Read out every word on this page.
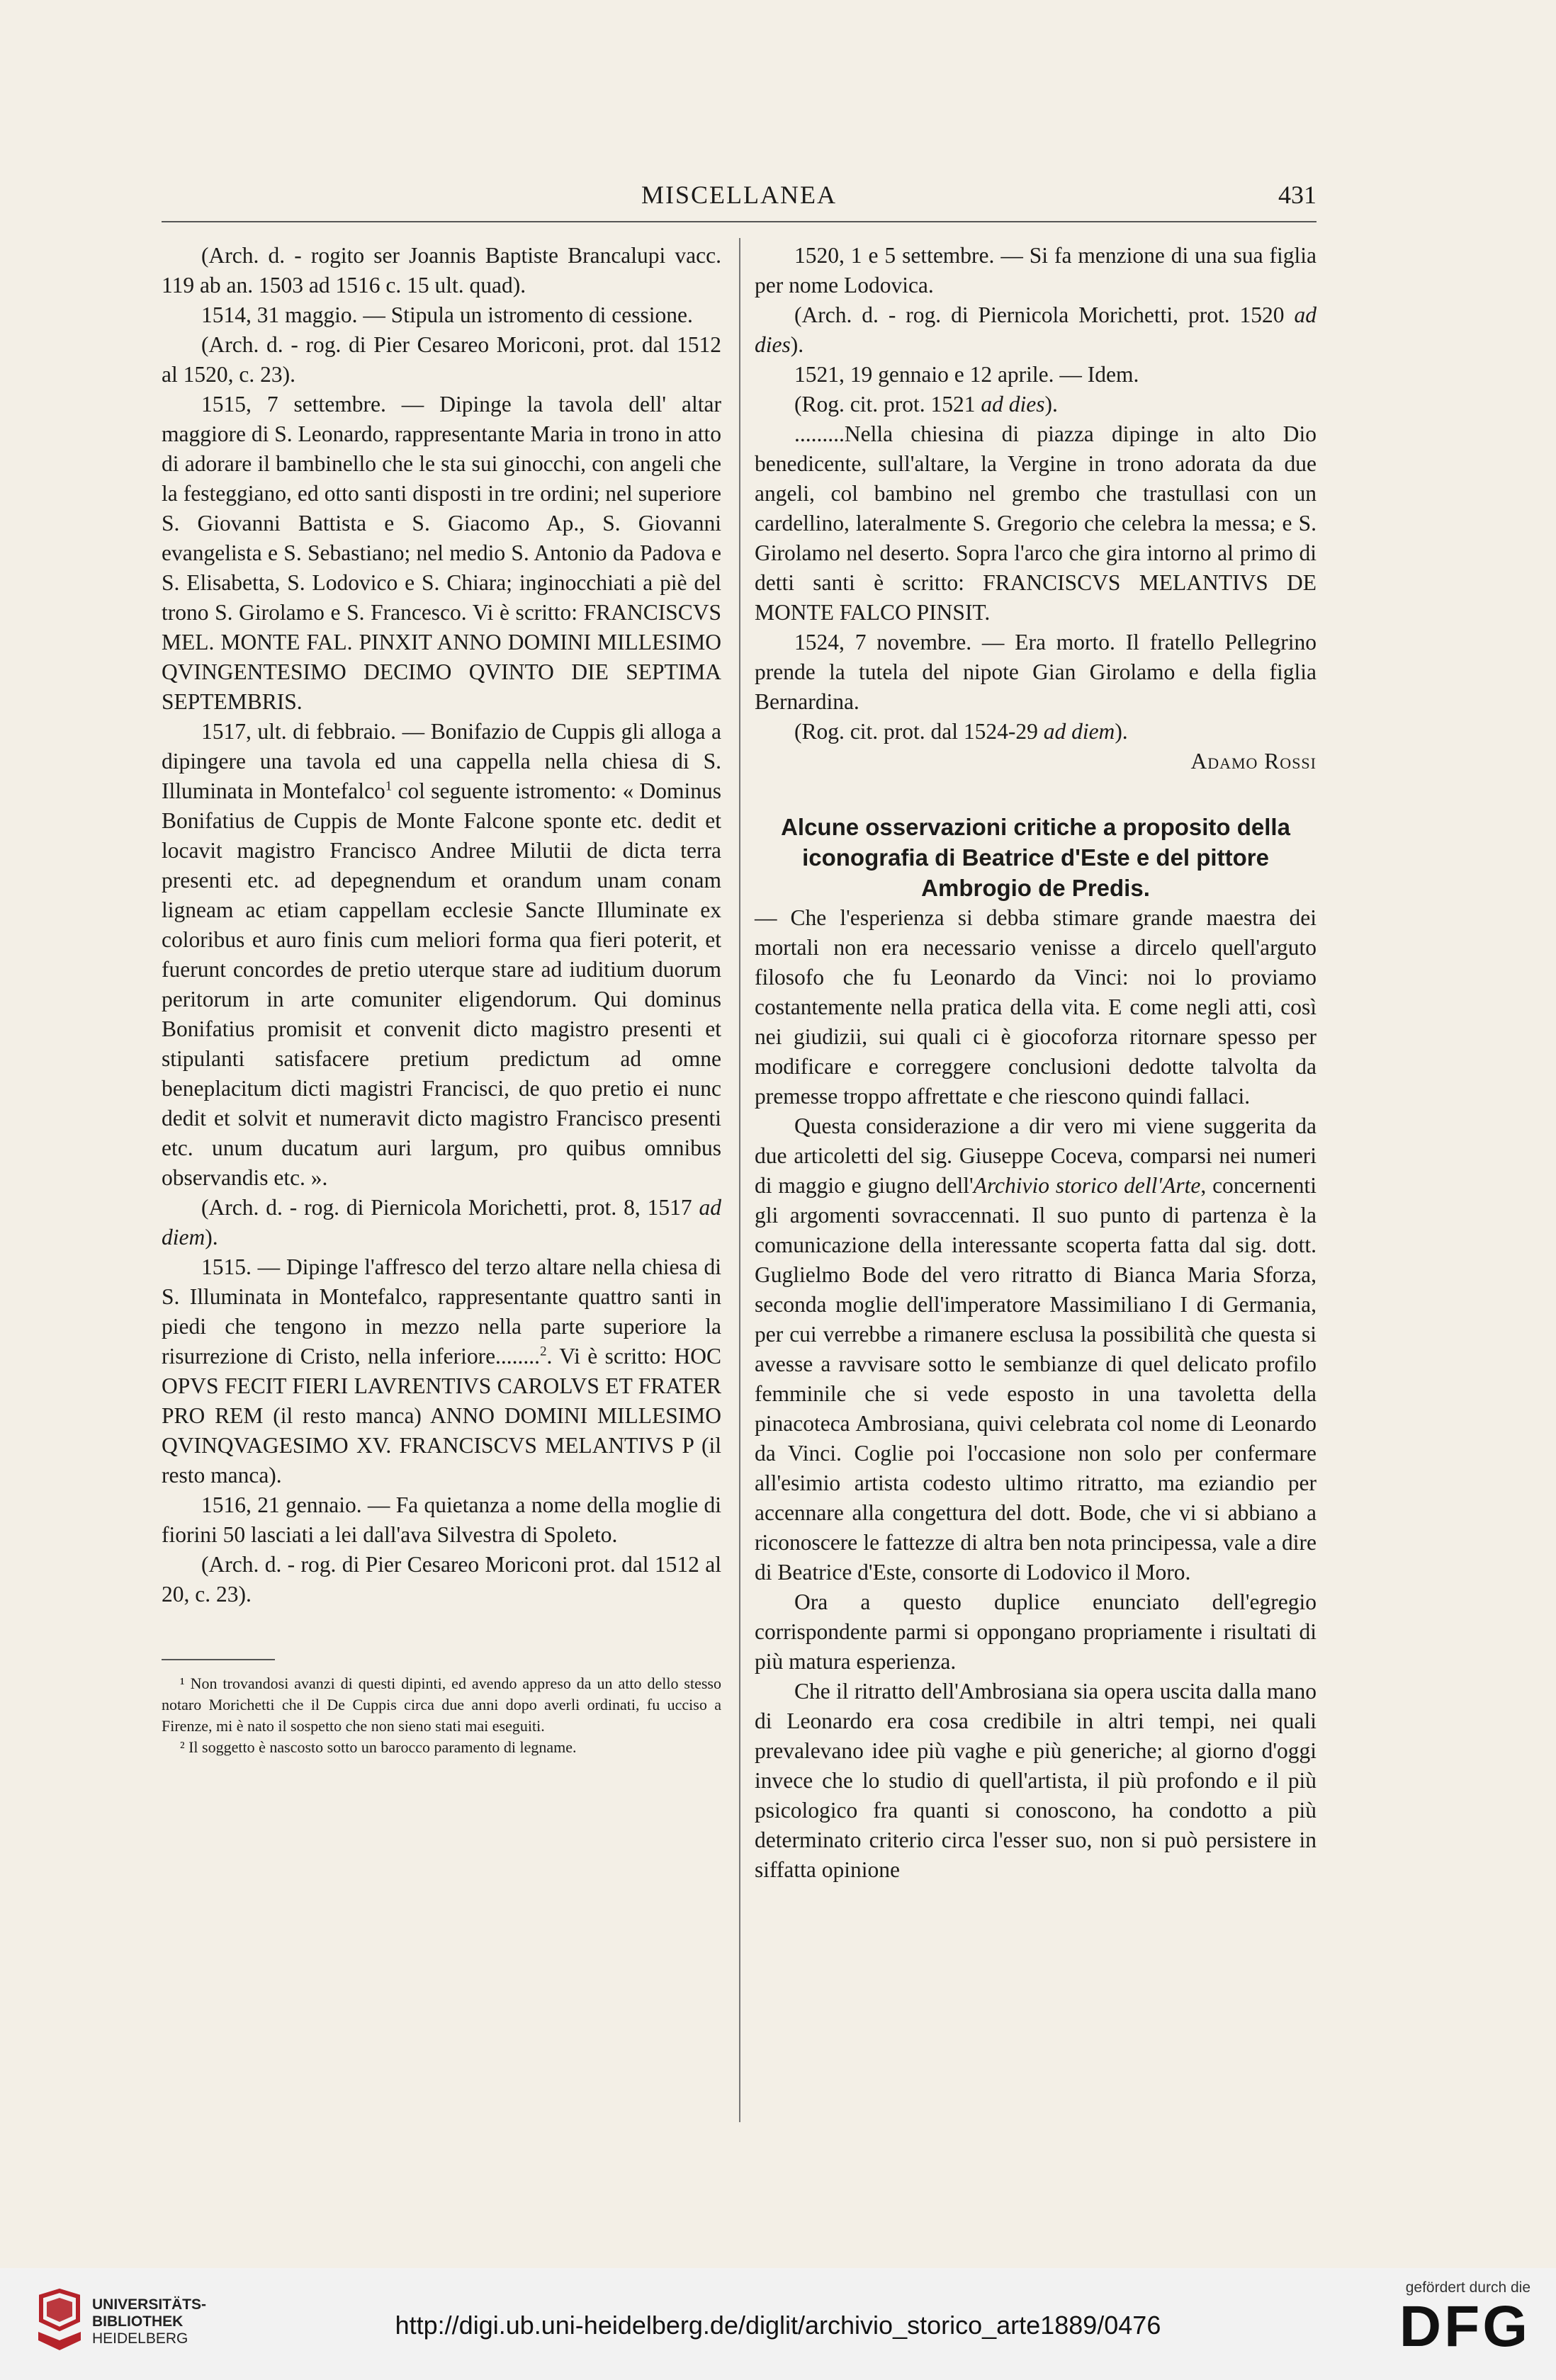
MISCELLANEA	431

(Arch. d. - rogito ser Joannis Baptiste Brancalupi vacc. 119 ab an. 1503 ad 1516 c. 15 ult. quad).

1514, 31 maggio. — Stipula un istromento di cessione.

(Arch. d. - rog. di Pier Cesareo Moriconi, prot. dal 1512 al 1520, c. 23).

1515, 7 settembre. — Dipinge la tavola dell' altar maggiore di S. Leonardo, rappresentante Maria in trono in atto di adorare il bambinello che le sta sui ginocchi, con angeli che la festeggiano, ed otto santi disposti in tre ordini; nel superiore S. Giovanni Battista e S. Giacomo Ap., S. Giovanni evangelista e S. Sebastiano; nel medio S. Antonio da Padova e S. Elisabetta, S. Lodovico e S. Chiara; inginocchiati a piè del trono S. Girolamo e S. Francesco. Vi è scritto: FRANCISCVS MEL. MONTE FAL. PINXIT ANNO DOMINI MILLESIMO QVINGENTESIMO DECIMO QVINTO DIE SEPTIMA SEPTEMBRIS.

1517, ult. di febbraio. — Bonifazio de Cuppis gli alloga a dipingere una tavola ed una cappella nella chiesa di S. Illuminata in Montefalco$^1$ col seguente istromento: « Dominus Bonifatius de Cuppis de Monte Falcone sponte etc. dedit et locavit magistro Francisco Andree Milutii de dicta terra presenti etc. ad depegnendum et orandum unam conam ligneam ac etiam cappellam ecclesie Sancte Illuminate ex coloribus et auro finis cum meliori forma qua fieri poterit, et fuerunt concordes de pretio uterque stare ad iuditium duorum peritorum in arte comuniter eligendorum. Qui dominus Bonifatius promisit et convenit dicto magistro presenti et stipulanti satisfacere pretium predictum ad omne beneplacitum dicti magistri Francisci, de quo pretio ei nunc dedit et solvit et numeravit dicto magistro Francisco presenti etc. unum ducatum auri largum, pro quibus omnibus observandis etc. ».

(Arch. d. - rog. di Piernicola Morichetti, prot. 8, 1517 ad diem).

1515. — Dipinge l'affresco del terzo altare nella chiesa di S. Illuminata in Montefalco, rappresentante quattro santi in piedi che tengono in mezzo nella parte superiore la risurrezione di Cristo, nella inferiore........$^2$. Vi è scritto: HOC OPVS FECIT FIERI LAVRENTIVS CAROLVS ET FRATER PRO REM (il resto manca) ANNO DOMINI MILLESIMO QVINQVAGESIMO XV. FRANCISCVS MELANTIVS P (il resto manca).

1516, 21 gennaio. — Fa quietanza a nome della moglie di fiorini 50 lasciati a lei dall'ava Silvestra di Spoleto.

(Arch. d. - rog. di Pier Cesareo Moriconi prot. dal 1512 al 20, c. 23).

¹ Non trovandosi avanzi di questi dipinti, ed avendo appreso da un atto dello stesso notaro Morichetti che il De Cuppis circa due anni dopo averli ordinati, fu ucciso a Firenze, mi è nato il sospetto che non sieno stati mai eseguiti.

² Il soggetto è nascosto sotto un barocco paramento di legname.

1520, 1 e 5 settembre. — Si fa menzione di una sua figlia per nome Lodovica.

(Arch. d. - rog. di Piernicola Morichetti, prot. 1520 ad dies).

1521, 19 gennaio e 12 aprile. — Idem.

(Rog. cit. prot. 1521 ad dies).

.........Nella chiesina di piazza dipinge in alto Dio benedicente, sull'altare, la Vergine in trono adorata da due angeli, col bambino nel grembo che trastullasi con un cardellino, lateralmente S. Gregorio che celebra la messa; e S. Girolamo nel deserto. Sopra l'arco che gira intorno al primo di detti santi è scritto: FRANCISCVS MELANTIVS DE MONTE FALCO PINSIT.

1524, 7 novembre. — Era morto. Il fratello Pellegrino prende la tutela del nipote Gian Girolamo e della figlia Bernardina.

(Rog. cit. prot. dal 1524-29 ad diem).

Adamo Rossi

Alcune osservazioni critiche a proposito della iconografia di Beatrice d'Este e del pittore Ambrogio de Predis.

— Che l'esperienza si debba stimare grande maestra dei mortali non era necessario venisse a dircelo quell'arguto filosofo che fu Leonardo da Vinci: noi lo proviamo costantemente nella pratica della vita. E come negli atti, così nei giudizii, sui quali ci è giocoforza ritornare spesso per modificare e correggere conclusioni dedotte talvolta da premesse troppo affrettate e che riescono quindi fallaci.

Questa considerazione a dir vero mi viene suggerita da due articoletti del sig. Giuseppe Coceva, comparsi nei numeri di maggio e giugno dell'Archivio storico dell'Arte, concernenti gli argomenti sovraccennati. Il suo punto di partenza è la comunicazione della interessante scoperta fatta dal sig. dott. Guglielmo Bode del vero ritratto di Bianca Maria Sforza, seconda moglie dell'imperatore Massimiliano I di Germania, per cui verrebbe a rimanere esclusa la possibilità che questa si avesse a ravvisare sotto le sembianze di quel delicato profilo femminile che si vede esposto in una tavoletta della pinacoteca Ambrosiana, quivi celebrata col nome di Leonardo da Vinci. Coglie poi l'occasione non solo per confermare all'esimio artista codesto ultimo ritratto, ma eziandio per accennare alla congettura del dott. Bode, che vi si abbiano a riconoscere le fattezze di altra ben nota principessa, vale a dire di Beatrice d'Este, consorte di Lodovico il Moro.

Ora a questo duplice enunciato dell'egregio corrispondente parmi si oppongano propriamente i risultati di più matura esperienza.

Che il ritratto dell'Ambrosiana sia opera uscita dalla mano di Leonardo era cosa credibile in altri tempi, nei quali prevalevano idee più vaghe e più generiche; al giorno d'oggi invece che lo studio di quell'artista, il più profondo e il più psicologico fra quanti si conoscono, ha condotto a più determinato criterio circa l'esser suo, non si può persistere in siffatta opinione

UNIVERSITÄTS-
BIBLIOTHEK
HEIDELBERG	http://digi.ub.uni-heidelberg.de/diglit/archivio_storico_arte1889/0476
gefördert durch die
DFG
